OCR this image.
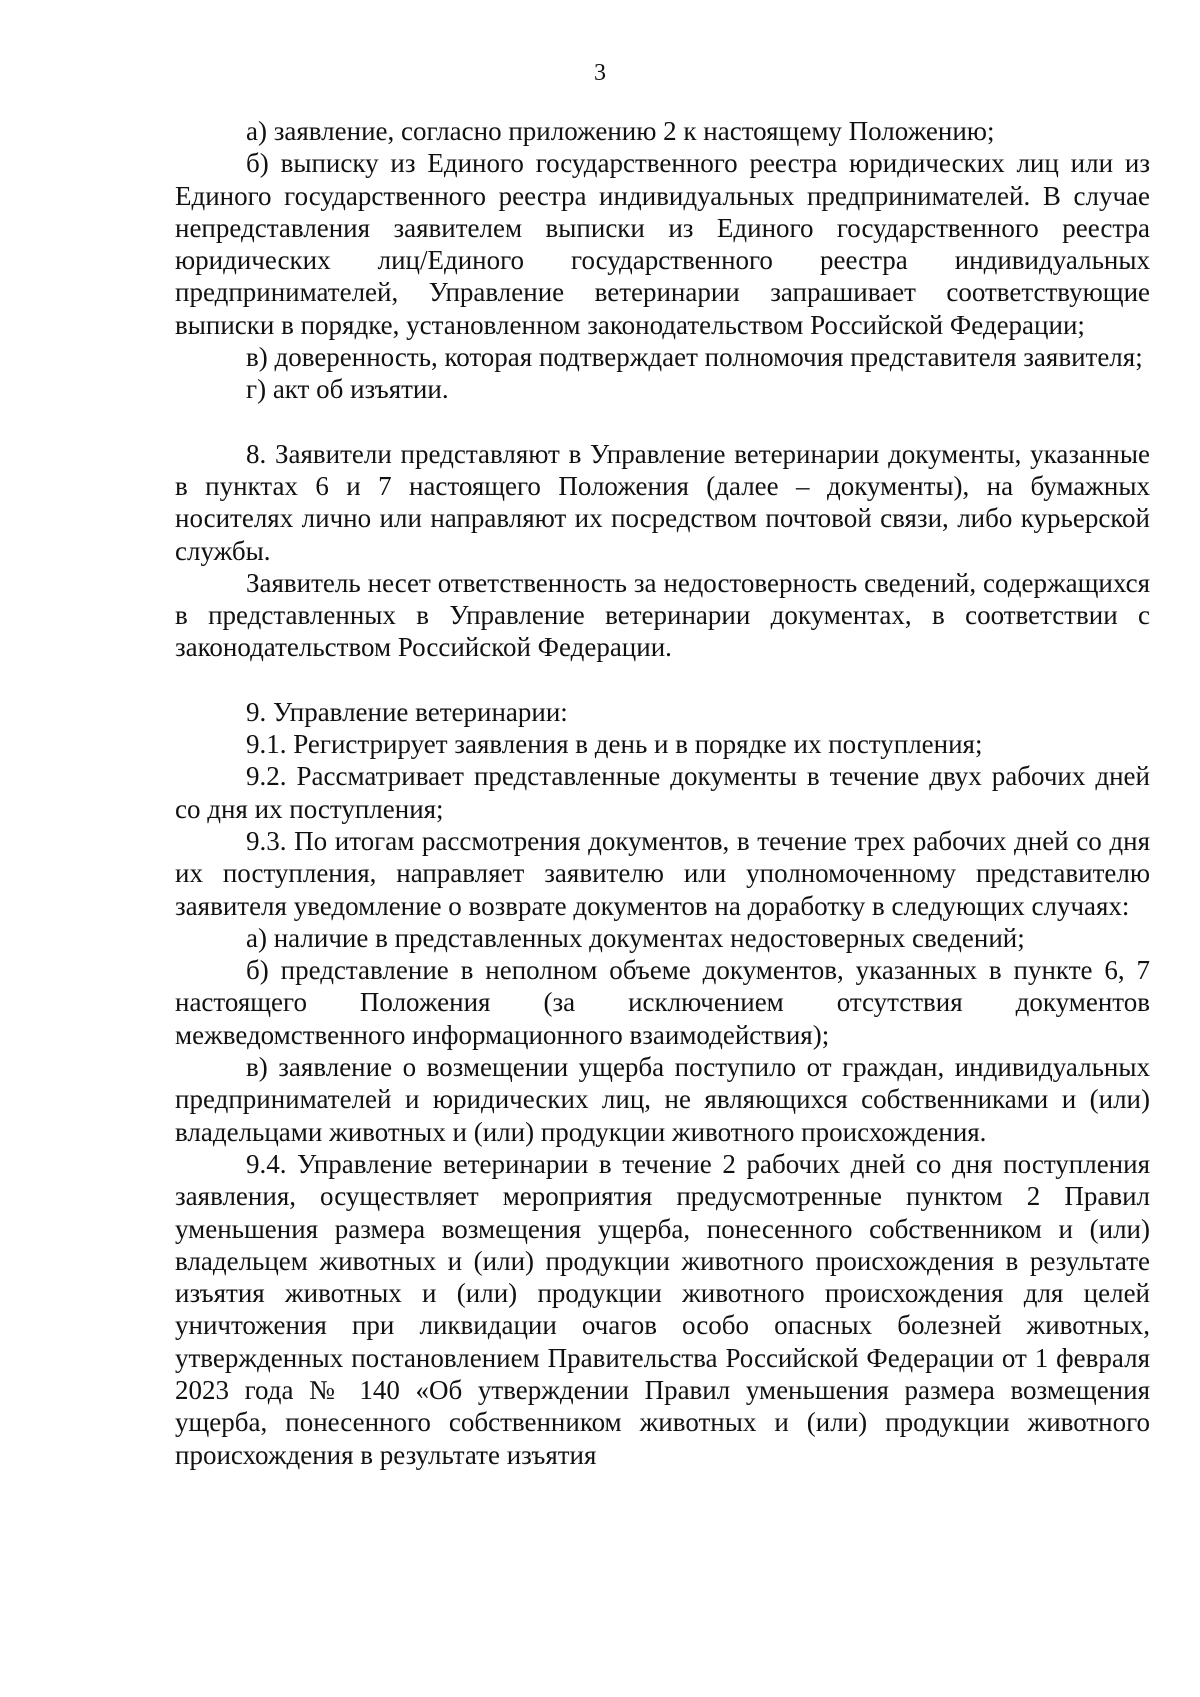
3

а) заявление, согласно приложению 2 к настоящему Положению;

б) выписку из Единого государственного реестра юридических лиц или из Единого государственного реестра индивидуальных предпринимателей. В случае непредставления заявителем выписки из Единого государственного реестра юридических лиц/Единого государственного реестра индивидуальных предпринимателей, Управление ветеринарии запрашивает соответствующие выписки в порядке, установленном законодательством Российской Федерации;

в) доверенность, которая подтверждает полномочия представителя заявителя;

г) акт об изъятии.

8. Заявители представляют в Управление ветеринарии документы, указанные в пунктах 6 и 7 настоящего Положения (далее – документы), на бумажных носителях лично или направляют их посредством почтовой связи, либо курьерской службы.

Заявитель несет ответственность за недостоверность сведений, содержащихся в представленных в Управление ветеринарии документах, в соответствии с законодательством Российской Федерации.

9. Управление ветеринарии:

9.1. Регистрирует заявления в день и в порядке их поступления;

9.2. Рассматривает представленные документы в течение двух рабочих дней со дня их поступления;

9.3. По итогам рассмотрения документов, в течение трех рабочих дней со дня их поступления, направляет заявителю или уполномоченному представителю заявителя уведомление о возврате документов на доработку в следующих случаях:

а) наличие в представленных документах недостоверных сведений;

б) представление в неполном объеме документов, указанных в пункте 6, 7 настоящего Положения (за исключением отсутствия документов межведомственного информационного взаимодействия);

в) заявление о возмещении ущерба поступило от граждан, индивидуальных предпринимателей и юридических лиц, не являющихся собственниками и (или) владельцами животных и (или) продукции животного происхождения.

9.4. Управление ветеринарии в течение 2 рабочих дней со дня поступления заявления, осуществляет мероприятия предусмотренные пунктом 2 Правил уменьшения размера возмещения ущерба, понесенного собственником и (или) владельцем животных и (или) продукции животного происхождения в результате изъятия животных и (или) продукции животного происхождения для целей уничтожения при ликвидации очагов особо опасных болезней животных, утвержденных постановлением Правительства Российской Федерации от 1 февраля 2023 года № 140 «Об утверждении Правил уменьшения размера возмещения ущерба, понесенного собственником животных и (или) продукции животного происхождения в результате изъятия
